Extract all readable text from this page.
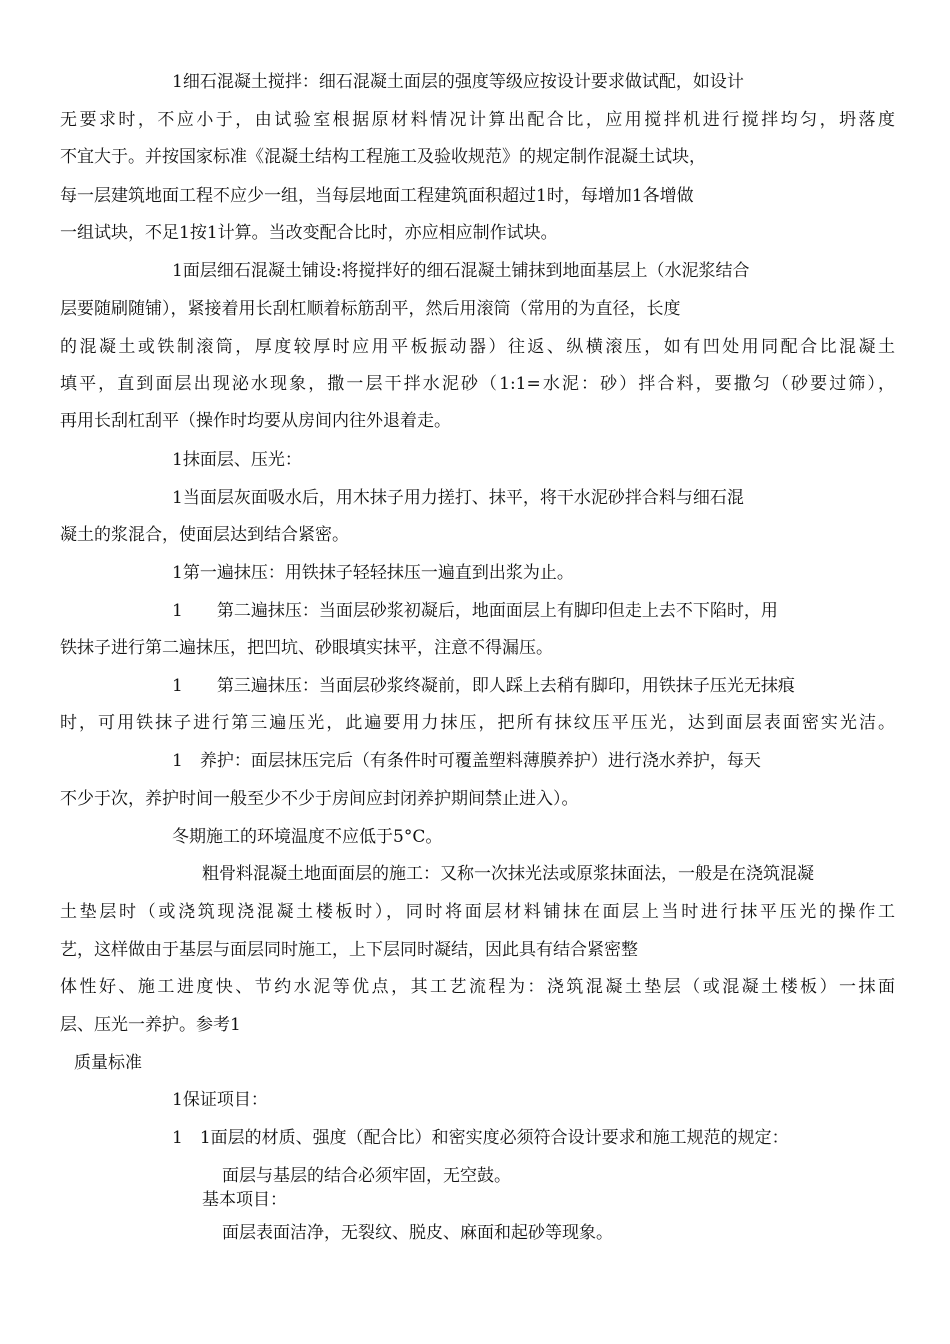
1细石混凝土搅拌：细石混凝土面层的强度等级应按设计要求做试配，如设计

无要求时，不应小于，由试验室根据原材料情况计算出配合比，应用搅拌机进行搅拌均匀，坍落度

不宜大于。并按国家标准《混凝土结构工程施工及验收规范》的规定制作混凝土试块，

每一层建筑地面工程不应少一组，当每层地面工程建筑面积超过1时，每增加1各增做

一组试块，不足1按1计算。当改变配合比时，亦应相应制作试块。

1面层细石混凝土铺设:将搅拌好的细石混凝土铺抹到地面基层上（水泥浆结合

层要随刷随铺），紧接着用长刮杠顺着标筋刮平，然后用滚筒（常用的为直径，长度

的混凝土或铁制滚筒，厚度较厚时应用平板振动器）往返、纵横滚压，如有凹处用同配合比混凝土

填平，直到面层出现泌水现象，撒一层干拌水泥砂（1:1=水泥：砂）拌合料，要撒匀（砂要过筛），

再用长刮杠刮平（操作时均要从房间内往外退着走。

1抹面层、压光：

1当面层灰面吸水后，用木抹子用力搓打、抹平，将干水泥砂拌合料与细石混

凝土的浆混合，使面层达到结合紧密。

1第一遍抹压：用铁抹子轻轻抹压一遍直到出浆为止。

1　　第二遍抹压：当面层砂浆初凝后，地面面层上有脚印但走上去不下陷时，用

铁抹子进行第二遍抹压，把凹坑、砂眼填实抹平，注意不得漏压。

1　　第三遍抹压：当面层砂浆终凝前，即人踩上去稍有脚印，用铁抹子压光无抹痕

时，可用铁抹子进行第三遍压光，此遍要用力抹压，把所有抹纹压平压光，达到面层表面密实光洁。

1　养护：面层抹压完后（有条件时可覆盖塑料薄膜养护）进行浇水养护，每天

不少于次，养护时间一般至少不少于房间应封闭养护期间禁止进入）。

冬期施工的环境温度不应低于5°C。

粗骨料混凝土地面面层的施工：又称一次抹光法或原浆抹面法，一般是在浇筑混凝

土垫层时（或浇筑现浇混凝土楼板时），同时将面层材料铺抹在面层上当时进行抹平压光的操作工

艺，这样做由于基层与面层同时施工，上下层同时凝结，因此具有结合紧密整

体性好、施工进度快、节约水泥等优点，其工艺流程为：浇筑混凝土垫层（或混凝土楼板）一抹面

层、压光一养护。参考1

质量标准

1保证项目：

1　1面层的材质、强度（配合比）和密实度必须符合设计要求和施工规范的规定：

面层与基层的结合必须牢固，无空鼓。

基本项目：

面层表面洁净，无裂纹、脱皮、麻面和起砂等现象。
